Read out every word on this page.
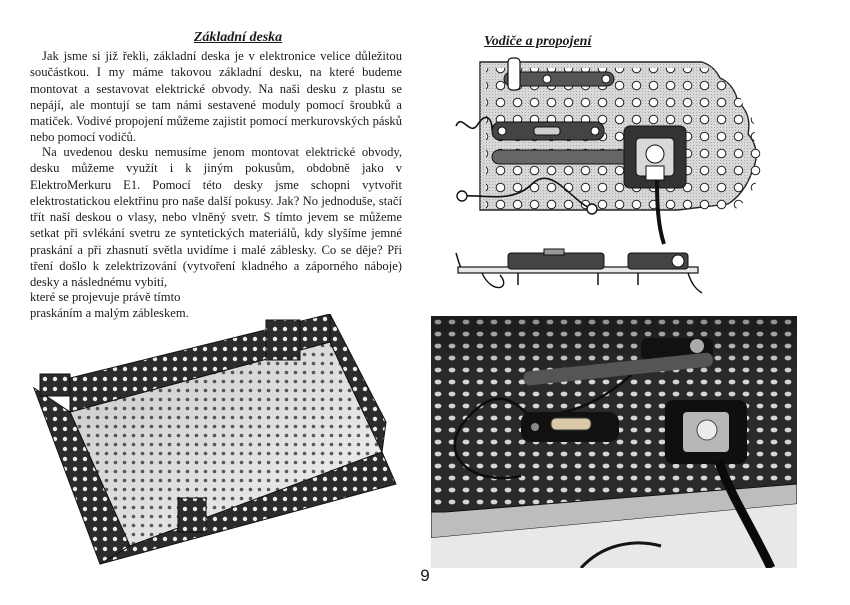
Základní deska

Jak jsme si již řekli, základní deska je v elektronice velice důležitou součástkou. I my máme takovou základní desku, na které budeme montovat a sestavovat elektrické obvody. Na naši desku z plastu se nepájí, ale montují se tam námi sestavené moduly pomocí šroubků a matiček. Vodivé propojení můžeme zajistit pomocí merkurovských pásků nebo pomocí vodičů.

Na uvedenou desku nemusíme jenom montovat elektrické obvody, desku můžeme využít i k jiným pokusům, obdobně jako v ElektroMerkuru E1. Pomocí této desky jsme schopni vytvořit elektrostatickou elektřinu pro naše další pokusy. Jak? No jednoduše, stačí třít naší deskou o vlasy, nebo vlněný svetr. S tímto jevem se můžeme setkat při svlékání svetru ze syntetických materiálů, kdy slyšíme jemné praskání a při zhasnutí světla uvidíme i malé záblesky. Co se děje? Při tření došlo k zelektrizování (vytvoření kladného a záporného náboje) desky a následnému vybití,

které se projevuje právě tímto

praskáním a malým zábleskem.

Vodiče a propojení
9
